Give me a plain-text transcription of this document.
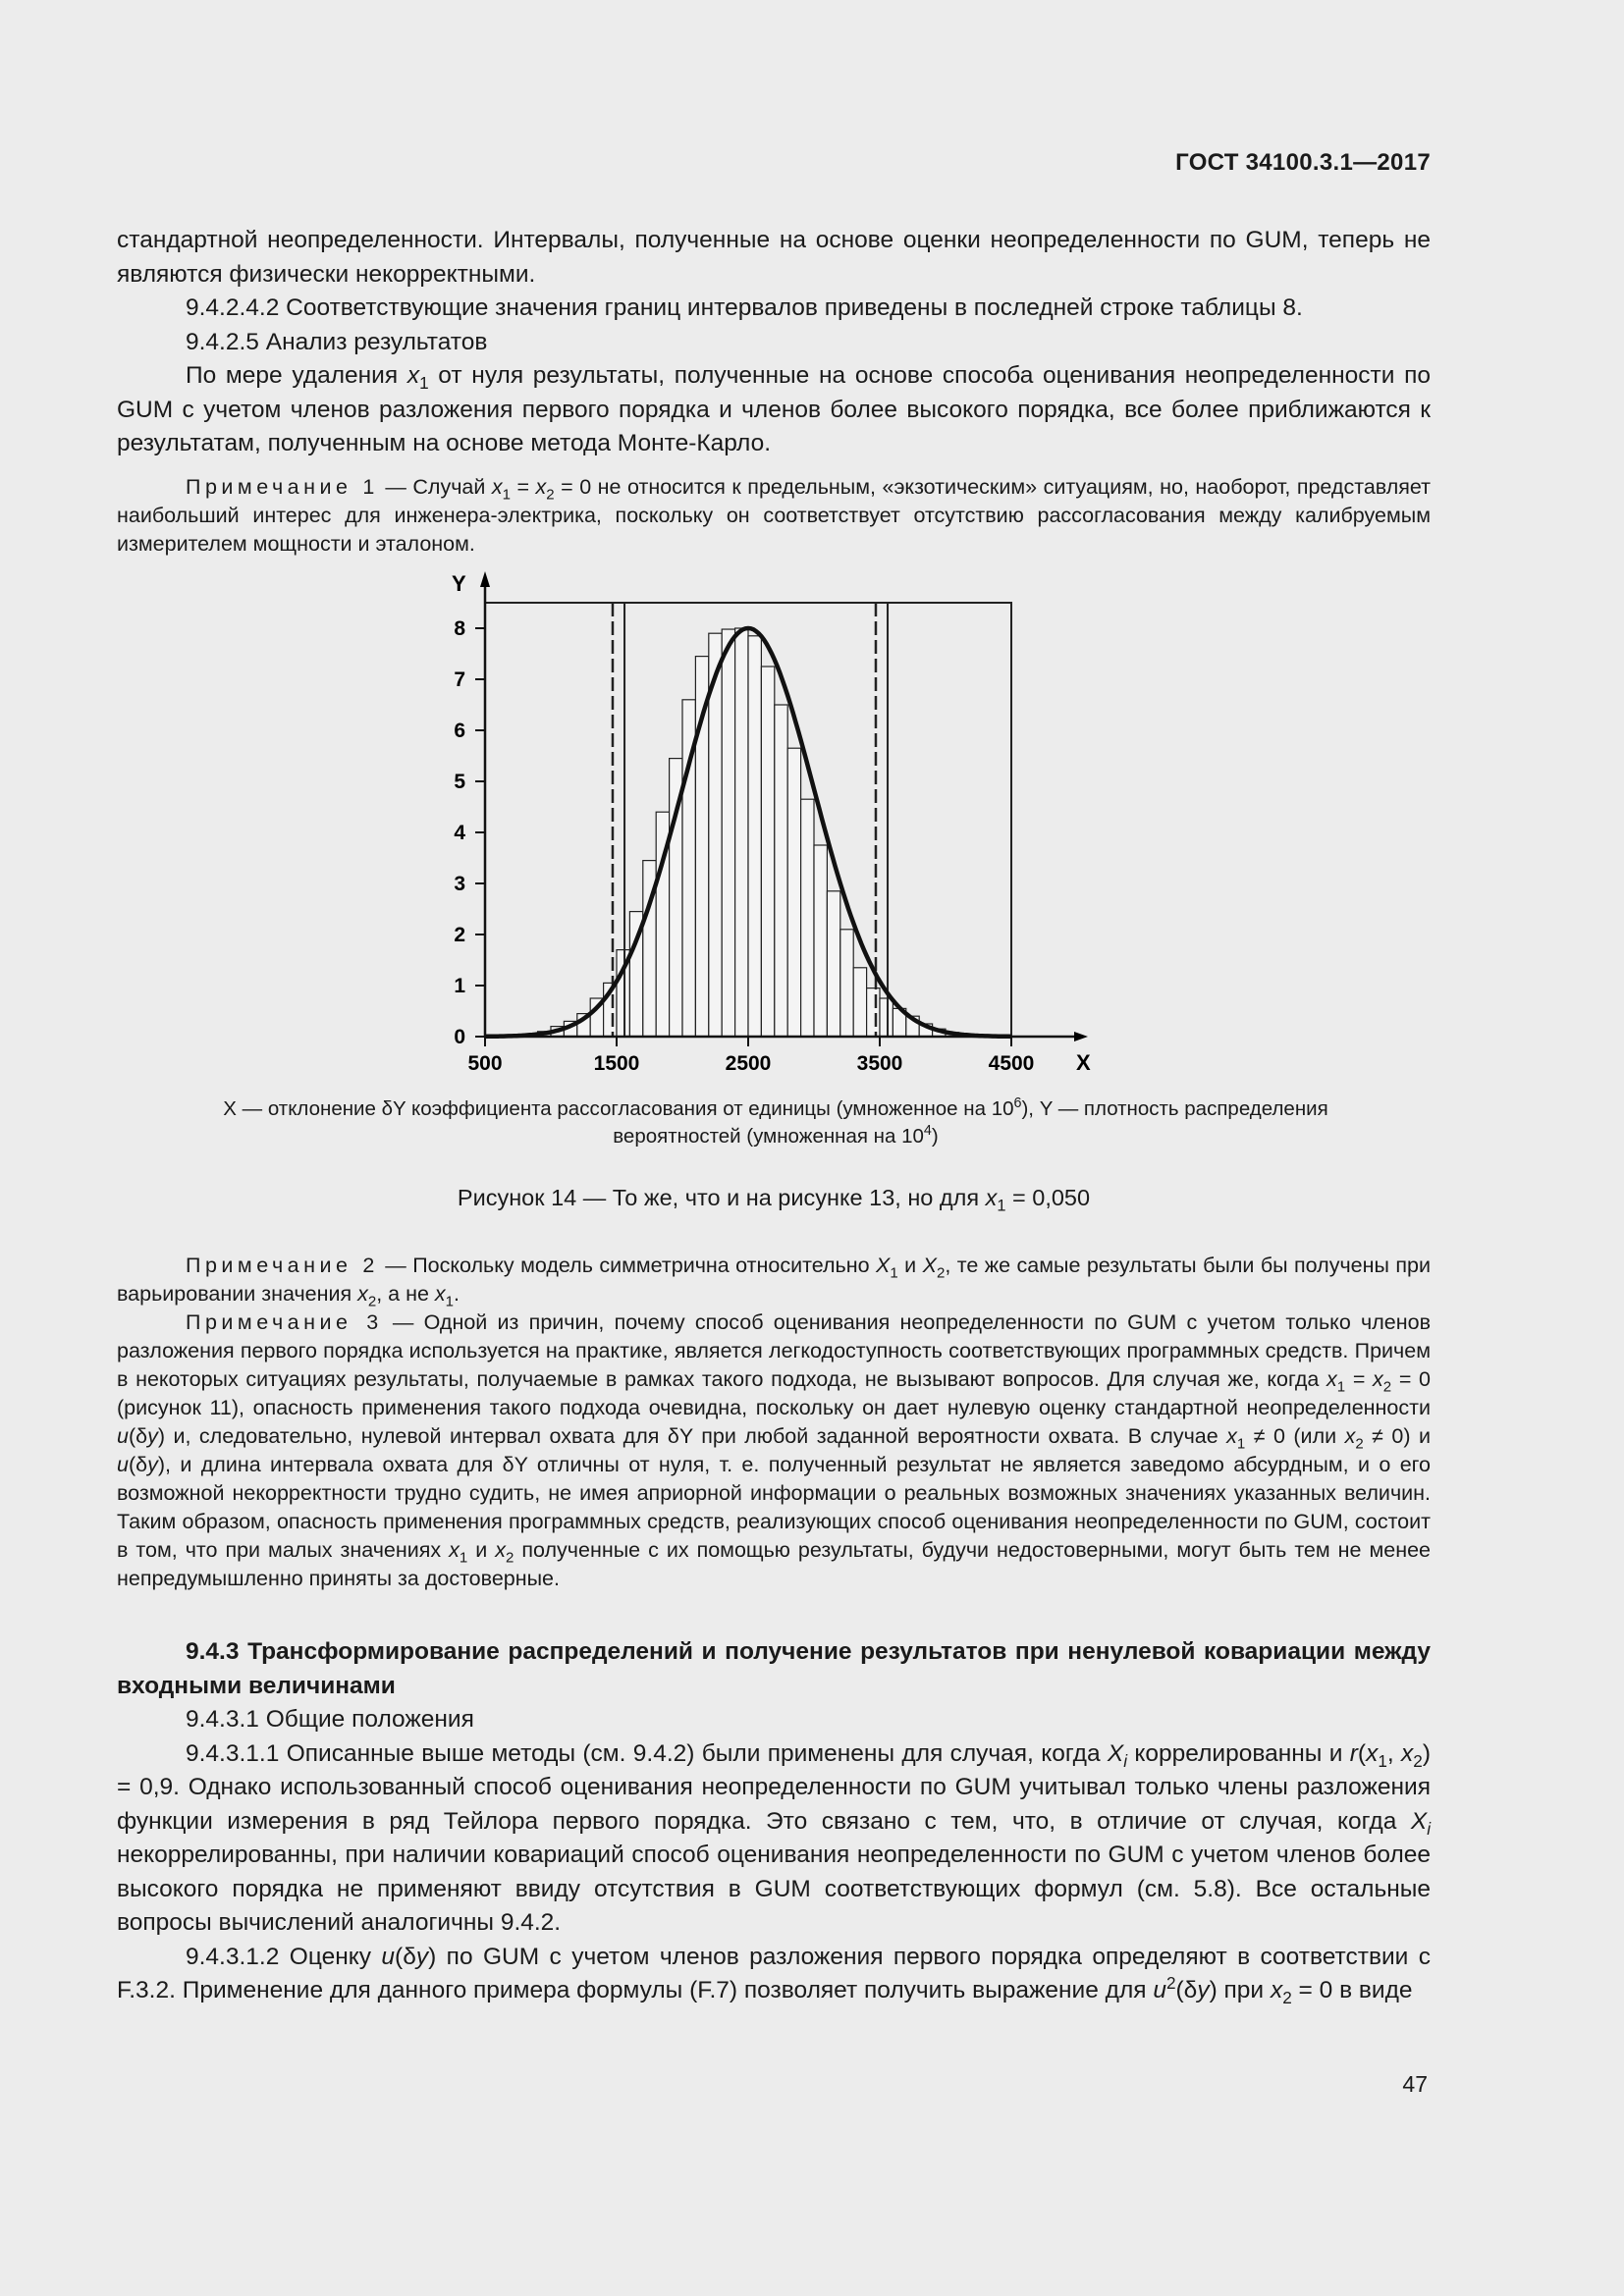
ГОСТ 34100.3.1—2017

стандартной неопределенности. Интервалы, полученные на основе оценки неопределенности по GUM, теперь не являются физически некорректными.

9.4.2.4.2 Соответствующие значения границ интервалов приведены в последней строке таблицы 8.

9.4.2.5 Анализ результатов

По мере удаления $x_1$ от нуля результаты, полученные на основе способа оценивания неопределенности по GUM с учетом членов разложения первого порядка и членов более высокого порядка, все более приближаются к результатам, полученным на основе метода Монте-Карло.

Примечание 1 — Случай $x_1 = x_2 = 0$ не относится к предельным, «экзотическим» ситуациям, но, наоборот, представляет наибольший интерес для инженера-электрика, поскольку он соответствует отсутствию рассогласования между калибруемым измерителем мощности и эталоном.

0
1
2
3
4
5
6
7
8
500	1500	2500	3500	4500 X
Y
X — отклонение δY коэффициента рассогласования от единицы (умноженное на $10^6$), Y — плотность распределения
вероятностей (умноженная на $10^4$)
Рисунок 14 — То же, что и на рисунке 13, но для $x_1 = 0,050$

Примечание 2 — Поскольку модель симметрична относительно $X_1$ и $X_2$, те же самые результаты были бы получены при варьировании значения $x_2$, а не $x_1$.

Примечание 3 — Одной из причин, почему способ оценивания неопределенности по GUM с учетом только членов разложения первого порядка используется на практике, является легкодоступность соответствующих программных средств. Причем в некоторых ситуациях результаты, получаемые в рамках такого подхода, не вызывают вопросов. Для случая же, когда $x_1 = x_2 = 0$ (рисунок 11), опасность применения такого подхода очевидна, поскольку он дает нулевую оценку стандартной неопределенности u(δy) и, следовательно, нулевой интервал охвата для δY при любой заданной вероятности охвата. В случае $x_1 \ne 0$ (или $x_2 \ne 0$) и u(δy), и длина интервала охвата для δY отличны от нуля, т. е. полученный результат не является заведомо абсурдным, и о его возможной некорректности трудно судить, не имея априорной информации о реальных возможных значениях указанных величин. Таким образом, опасность применения программных средств, реализующих способ оценивания неопределенности по GUM, состоит в том, что при малых значениях $x_1$ и $x_2$ полученные с их помощью результаты, будучи недостоверными, могут быть тем не менее непредумышленно приняты за достоверные.

9.4.3 Трансформирование распределений и получение результатов при ненулевой ковариации между входными величинами

9.4.3.1 Общие положения

9.4.3.1.1 Описанные выше методы (см. 9.4.2) были применены для случая, когда $X_i$ коррелированны и $r(x_1$, $x_2) = 0,9$. Однако использованный способ оценивания неопределенности по GUM учитывал только члены разложения функции измерения в ряд Тейлора первого порядка. Это связано с тем, что, в отличие от случая, когда $X_i$ некоррелированны, при наличии ковариаций способ оценивания неопределенности по GUM с учетом членов более высокого порядка не применяют ввиду отсутствия в GUM соответствующих формул (см. 5.8). Все остальные вопросы вычислений аналогичны 9.4.2.

9.4.3.1.2 Оценку u(δy) по GUM с учетом членов разложения первого порядка определяют в соответствии с F.3.2. Применение для данного примера формулы (F.7) позволяет получить выражение для $u^2(\delta y)$ при $x_2 = 0$ в виде

47
